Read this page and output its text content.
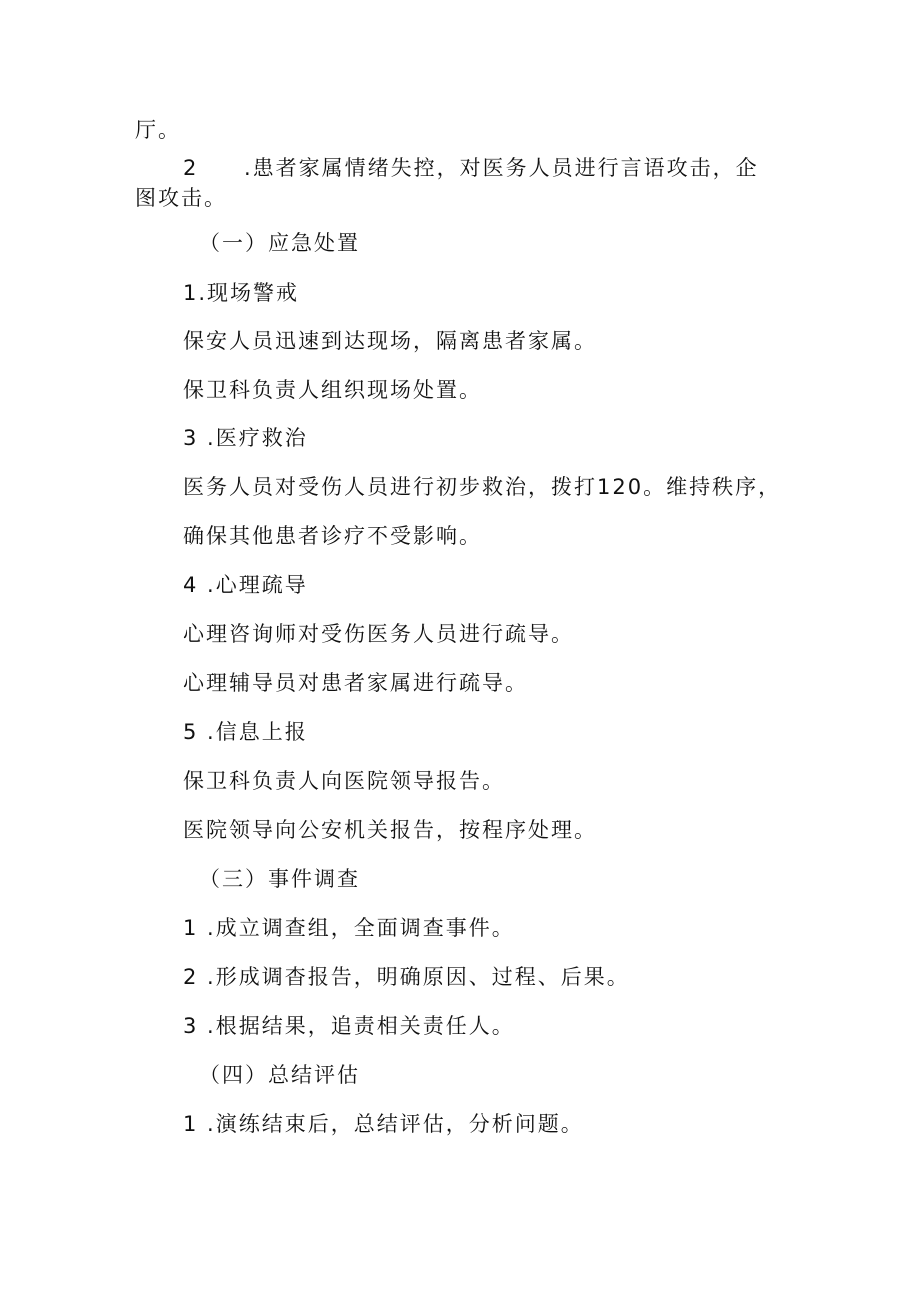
厅。
2 .患者家属情绪失控，对医务人员进行言语攻击，企
图攻击。
（一）应急处置
1.现场警戒
保安人员迅速到达现场，隔离患者家属。
保卫科负责人组织现场处置。
3 .医疗救治
医务人员对受伤人员进行初步救治，拨打120。维持秩序，
确保其他患者诊疗不受影响。
4 .心理疏导
心理咨询师对受伤医务人员进行疏导。
心理辅导员对患者家属进行疏导。
5 .信息上报
保卫科负责人向医院领导报告。
医院领导向公安机关报告，按程序处理。
（三）事件调查
1 .成立调查组，全面调查事件。
2 .形成调杳报告，明确原因、过程、后果。
3 .根据结果，追责相关责任人。
（四）总结评估
1 .演练结束后，总结评估，分析问题。
